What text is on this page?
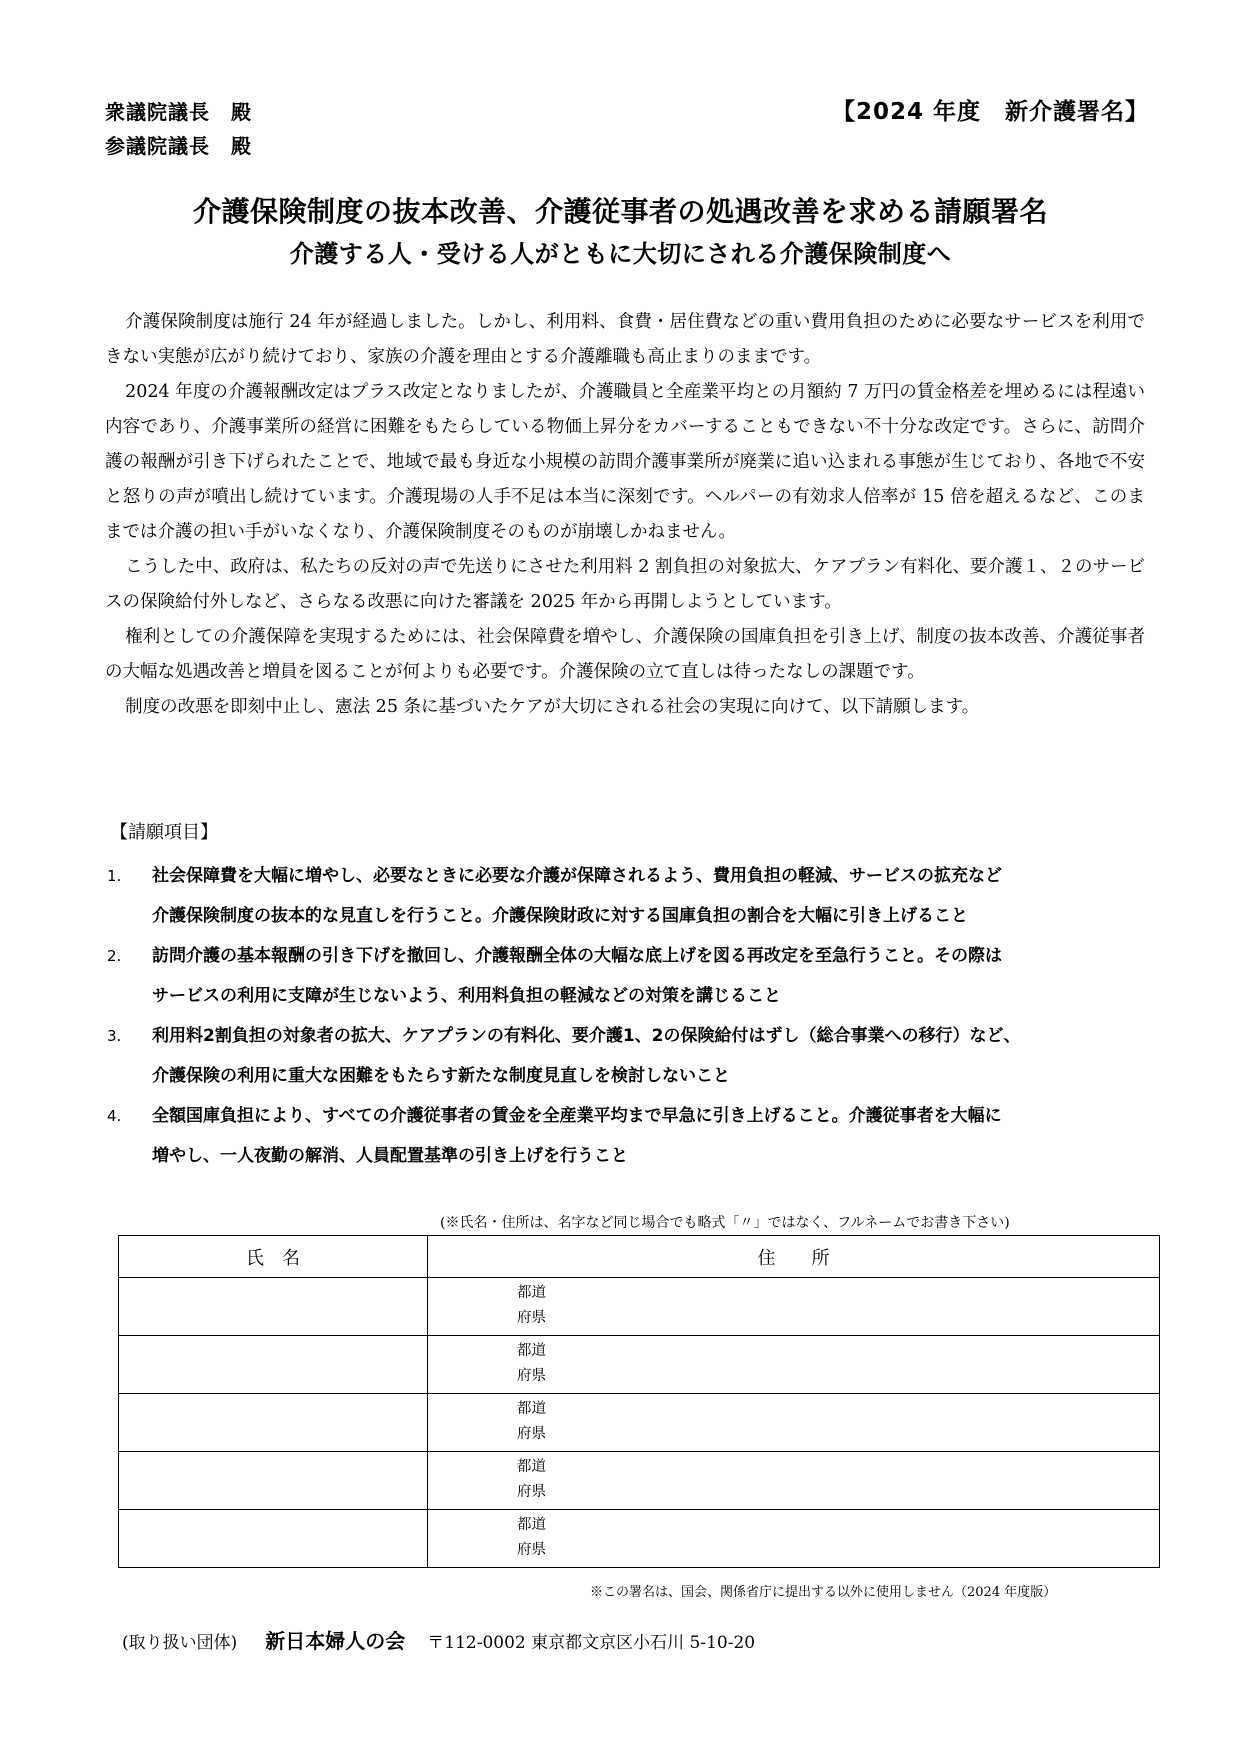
衆議院議長　殿
参議院議長　殿
【2024 年度　新介護署名】
介護保険制度の抜本改善、介護従事者の処遇改善を求める請願署名
介護する人・受ける人がともに大切にされる介護保険制度へ

介護保険制度は施行 24 年が経過しました。しかし、利用料、食費・居住費などの重い費用負担のために必要なサービスを利用できない実態が広がり続けており、家族の介護を理由とする介護離職も高止まりのままです。

2024 年度の介護報酬改定はプラス改定となりましたが、介護職員と全産業平均との月額約 7 万円の賃金格差を埋めるには程遠い内容であり、介護事業所の経営に困難をもたらしている物価上昇分をカバーすることもできない不十分な改定です。さらに、訪問介護の報酬が引き下げられたことで、地域で最も身近な小規模の訪問介護事業所が廃業に追い込まれる事態が生じており、各地で不安と怒りの声が噴出し続けています。介護現場の人手不足は本当に深刻です。ヘルパーの有効求人倍率が 15 倍を超えるなど、このままでは介護の担い手がいなくなり、介護保険制度そのものが崩壊しかねません。

こうした中、政府は、私たちの反対の声で先送りにさせた利用料 2 割負担の対象拡大、ケアプラン有料化、要介護１、２のサービスの保険給付外しなど、さらなる改悪に向けた審議を 2025 年から再開しようとしています。

権利としての介護保障を実現するためには、社会保障費を増やし、介護保険の国庫負担を引き上げ、制度の抜本改善、介護従事者の大幅な処遇改善と増員を図ることが何よりも必要です。介護保険の立て直しは待ったなしの課題です。

制度の改悪を即刻中止し、憲法 25 条に基づいたケアが大切にされる社会の実現に向けて、以下請願します。

【請願項目】
1.	社会保障費を大幅に増やし、必要なときに必要な介護が保障されるよう、費用負担の軽減、サービスの拡充など
介護保険制度の抜本的な見直しを行うこと。介護保険財政に対する国庫負担の割合を大幅に引き上げること
2.	訪問介護の基本報酬の引き下げを撤回し、介護報酬全体の大幅な底上げを図る再改定を至急行うこと。その際は
サービスの利用に支障が生じないよう、利用料負担の軽減などの対策を講じること
3.	利用料2割負担の対象者の拡大、ケアプランの有料化、要介護1、2の保険給付はずし（総合事業への移行）など、
介護保険の利用に重大な困難をもたらす新たな制度見直しを検討しないこと
4.	全額国庫負担により、すべての介護従事者の賃金を全産業平均まで早急に引き上げること。介護従事者を大幅に
増やし、一人夜勤の解消、人員配置基準の引き上げを行うこと
(※氏名・住所は、名字など同じ場合でも略式「〃」ではなく、フルネームでお書き下さい)
氏　名	住　　所

	都道
府県

	都道
府県

	都道
府県

	都道
府県

	都道
府県
※この署名は、国会、関係省庁に提出する以外に使用しません（2024 年度版）
(取り扱い団体) 新日本婦人の会 〒112-0002 東京都文京区小石川 5-10-20
